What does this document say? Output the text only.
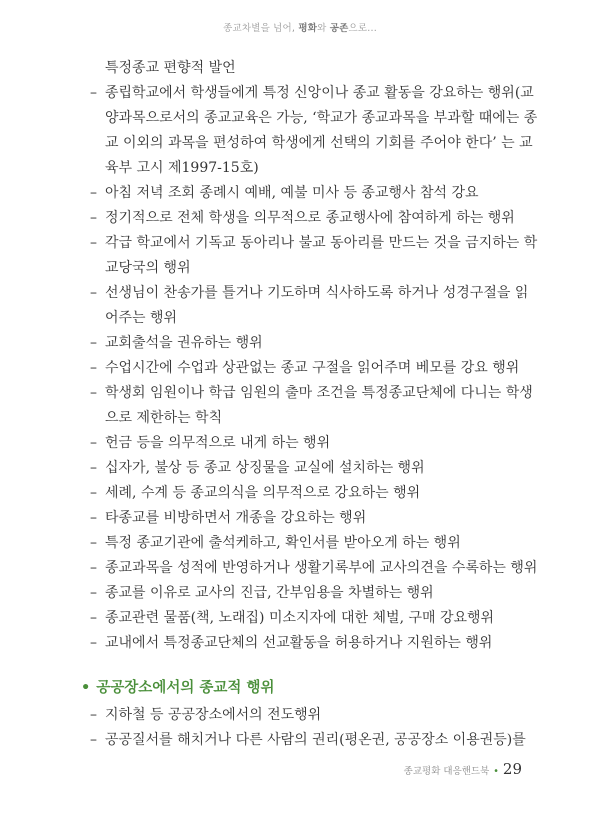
종교차별을 넘어, 평화와 공존으로...
특정종교 편향적 발언
– 종립학교에서 학생들에게 특정 신앙이나 종교 활동을 강요하는 행위(교
양과목으로서의 종교교육은 가능, ‘학교가 종교과목을 부과할 때에는 종
교 이외의 과목을 편성하여 학생에게 선택의 기회를 주어야 한다’ 는 교
육부 고시 제1997-15호)
– 아침 저녁 조회 종례시 예배, 예불 미사 등 종교행사 참석 강요
– 정기적으로 전체 학생을 의무적으로 종교행사에 참여하게 하는 행위
– 각급 학교에서 기독교 동아리나 불교 동아리를 만드는 것을 금지하는 학
교당국의 행위
– 선생님이 찬송가를 틀거나 기도하며 식사하도록 하거나 성경구절을 읽
어주는 행위
– 교회출석을 권유하는 행위
– 수업시간에 수업과 상관없는 종교 구절을 읽어주며 베모를 강요 행위
– 학생회 임원이나 학급 임원의 출마 조건을 특정종교단체에 다니는 학생
으로 제한하는 학칙
– 헌금 등을 의무적으로 내게 하는 행위
– 십자가, 불상 등 종교 상징물을 교실에 설치하는 행위
– 세례, 수계 등 종교의식을 의무적으로 강요하는 행위
– 타종교를 비방하면서 개종을 강요하는 행위
– 특정 종교기관에 출석케하고, 확인서를 받아오게 하는 행위
– 종교과목을 성적에 반영하거나 생활기록부에 교사의견을 수록하는 행위
– 종교를 이유로 교사의 진급, 간부임용을 차별하는 행위
– 종교관련 물품(책, 노래집) 미소지자에 대한 체벌, 구매 강요행위
– 교내에서 특정종교단체의 선교활동을 허용하거나 지원하는 행위
• 공공장소에서의 종교적 행위
– 지하철 등 공공장소에서의 전도행위
– 공공질서를 해치거나 다른 사람의 권리(평온권, 공공장소 이용권등)를
종교평화 대응핸드북 • 29
